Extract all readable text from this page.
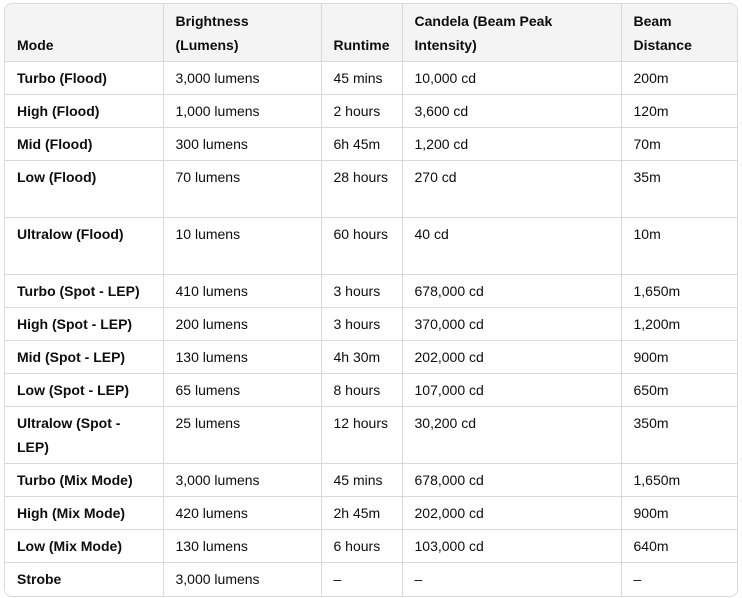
Mode	Brightness (Lumens)	Runtime	Candela (Beam Peak Intensity)	Beam Distance
Turbo (Flood)	3,000 lumens	45 mins	10,000 cd	200m
High (Flood)	1,000 lumens	2 hours	3,600 cd	120m
Mid (Flood)	300 lumens	6h 45m	1,200 cd	70m
Low (Flood)	70 lumens	28 hours	270 cd	35m
Ultralow (Flood)	10 lumens	60 hours	40 cd	10m
Turbo (Spot - LEP)	410 lumens	3 hours	678,000 cd	1,650m
High (Spot - LEP)	200 lumens	3 hours	370,000 cd	1,200m
Mid (Spot - LEP)	130 lumens	4h 30m	202,000 cd	900m
Low (Spot - LEP)	65 lumens	8 hours	107,000 cd	650m
Ultralow (Spot - LEP)	25 lumens	12 hours	30,200 cd	350m
Turbo (Mix Mode)	3,000 lumens	45 mins	678,000 cd	1,650m
High (Mix Mode)	420 lumens	2h 45m	202,000 cd	900m
Low (Mix Mode)	130 lumens	6 hours	103,000 cd	640m
Strobe	3,000 lumens	–	–	–
